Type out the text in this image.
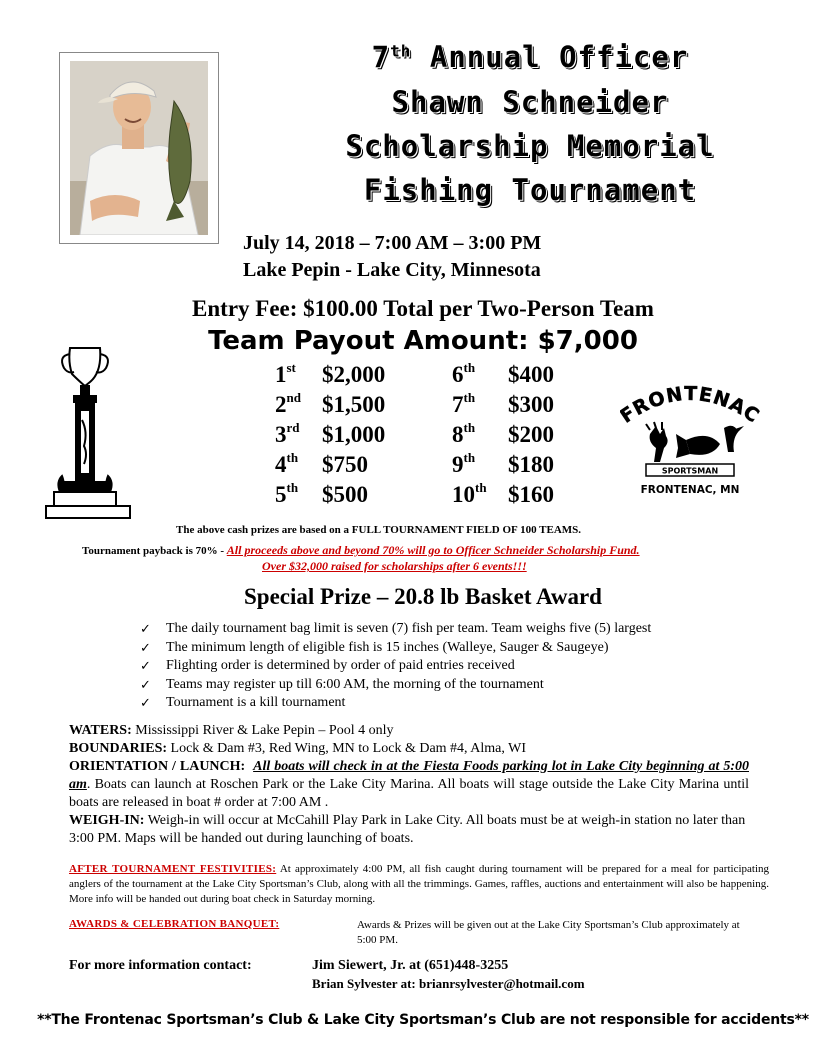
7th Annual Officer
Shawn Schneider
Scholarship Memorial
Fishing Tournament
July 14, 2018 – 7:00 AM – 3:00 PM
Lake Pepin - Lake City, Minnesota
Entry Fee: $100.00 Total per Two-Person Team
Team Payout Amount: $7,000
1st $2,000
2nd $1,500
3rd $1,000
4th $750
5th $500
6th $400
7th $300
8th $200
9th $180
10th $160
RONTENA
SPORTSMAN
FRONTENAC, MN
The above cash prizes are based on a FULL TOURNAMENT FIELD OF 100 TEAMS.
Tournament payback is 70% - All proceeds above and beyond 70% will go to Officer Schneider Scholarship Fund.
Over $32,000 raised for scholarships after 6 events!!!
Special Prize – 20.8 lb Basket Award
✓ The daily tournament bag limit is seven (7) fish per team. Team weighs five (5) largest
✓ The minimum length of eligible fish is 15 inches (Walleye, Sauger & Saugeye)
✓ Flighting order is determined by order of paid entries received
✓ Teams may register up till 6:00 AM, the morning of the tournament
✓ Tournament is a kill tournament
WATERS: Mississippi River & Lake Pepin – Pool 4 only
BOUNDARIES: Lock & Dam #3, Red Wing, MN to Lock & Dam #4, Alma, WI
ORIENTATION / LAUNCH: All boats will check in at the Fiesta Foods parking lot in Lake City beginning at 5:00 am. Boats can launch at Roschen Park or the Lake City Marina. All boats will stage outside the Lake City Marina until boats are released in boat # order at 7:00 AM .
WEIGH-IN: Weigh-in will occur at McCahill Play Park in Lake City. All boats must be at weigh-in station no later than 3:00 PM. Maps will be handed out during launching of boats.
AFTER TOURNAMENT FESTIVITIES: At approximately 4:00 PM, all fish caught during tournament will be prepared for a meal for participating anglers of the tournament at the Lake City Sportsman’s Club, along with all the trimmings. Games, raffles, auctions and entertainment will also be happening. More info will be handed out during boat check in Saturday morning.
AWARDS & CELEBRATION BANQUET:	Awards & Prizes will be given out at the Lake City Sportsman’s Club approximately at 5:00 PM.
For more information contact:	Jim Siewert, Jr. at (651)448-3255
Brian Sylvester at: brianrsylvester@hotmail.com
**The Frontenac Sportsman’s Club & Lake City Sportsman’s Club are not responsible for accidents**
